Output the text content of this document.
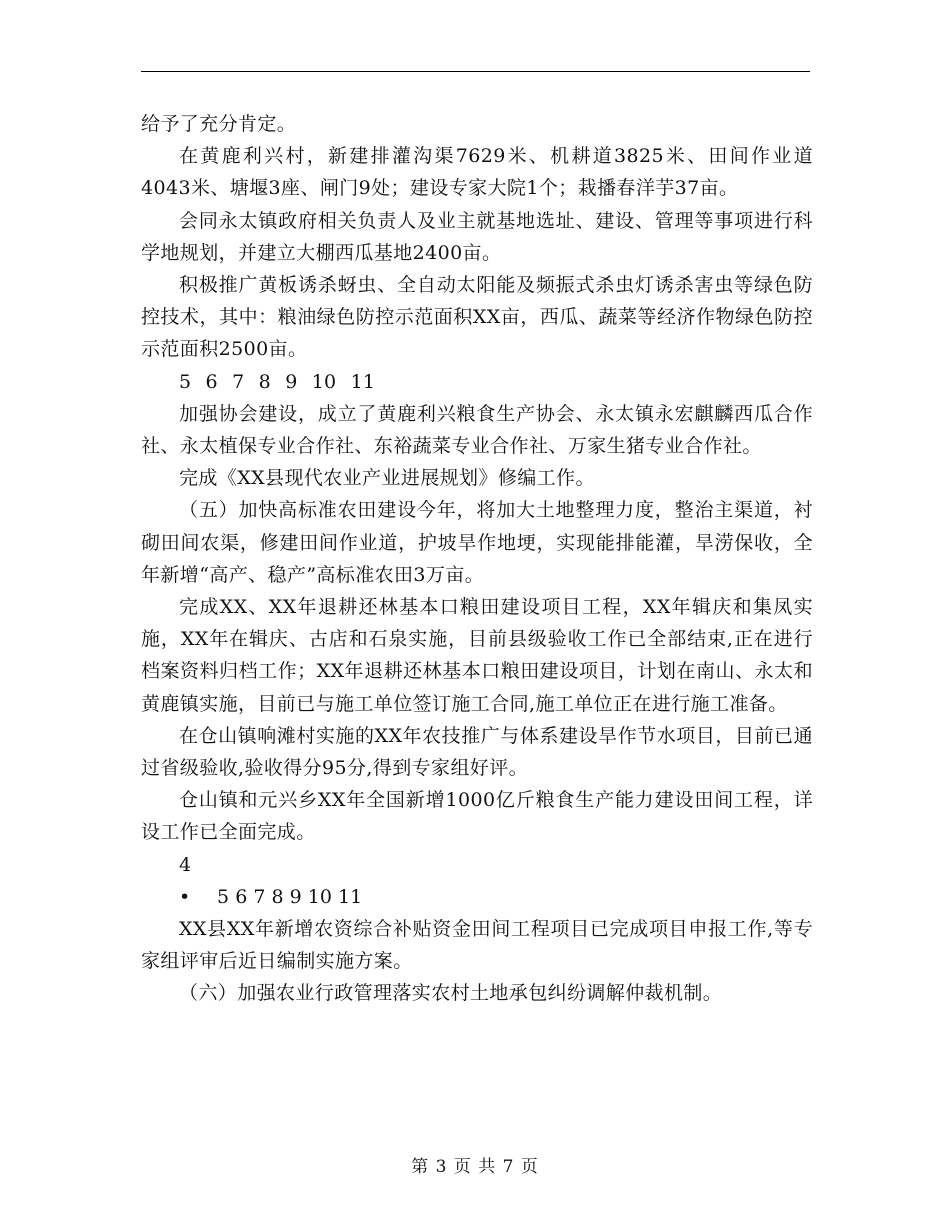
给予了充分肯定。

在黄鹿利兴村，新建排灌沟渠7629米、机耕道3825米、田间作业道4043米、塘堰3座、闸门9处；建设专家大院1个；栽播春洋芋37亩。

会同永太镇政府相关负责人及业主就基地选址、建设、管理等事项进行科学地规划，并建立大棚西瓜基地2400亩。

积极推广黄板诱杀蚜虫、全自动太阳能及频振式杀虫灯诱杀害虫等绿色防控技术，其中：粮油绿色防控示范面积XX亩，西瓜、蔬菜等经济作物绿色防控示范面积2500亩。

5 6 7 8 9 10 11

加强协会建设，成立了黄鹿利兴粮食生产协会、永太镇永宏麒麟西瓜合作社、永太植保专业合作社、东裕蔬菜专业合作社、万家生猪专业合作社。

完成《XX县现代农业产业进展规划》修编工作。

（五）加快高标准农田建设今年，将加大土地整理力度，整治主渠道，衬砌田间农渠，修建田间作业道，护坡旱作地埂，实现能排能灌，旱涝保收，全年新增“高产、稳产”高标准农田3万亩。

完成XX、XX年退耕还林基本口粮田建设项目工程，XX年辑庆和集凤实施，XX年在辑庆、古店和石泉实施，目前县级验收工作已全部结束,正在进行档案资料归档工作；XX年退耕还林基本口粮田建设项目，计划在南山、永太和黄鹿镇实施，目前已与施工单位签订施工合同,施工单位正在进行施工准备。

在仓山镇响滩村实施的XX年农技推广与体系建设旱作节水项目，目前已通过省级验收,验收得分95分,得到专家组好评。

仓山镇和元兴乡XX年全国新增1000亿斤粮食生产能力建设田间工程，详设工作已全面完成。

4

• 5 6 7 8 9 10 11

XX县XX年新增农资综合补贴资金田间工程项目已完成项目申报工作,等专家组评审后近日编制实施方案。

（六）加强农业行政管理落实农村土地承包纠纷调解仲裁机制。

第 3 页 共 7 页
